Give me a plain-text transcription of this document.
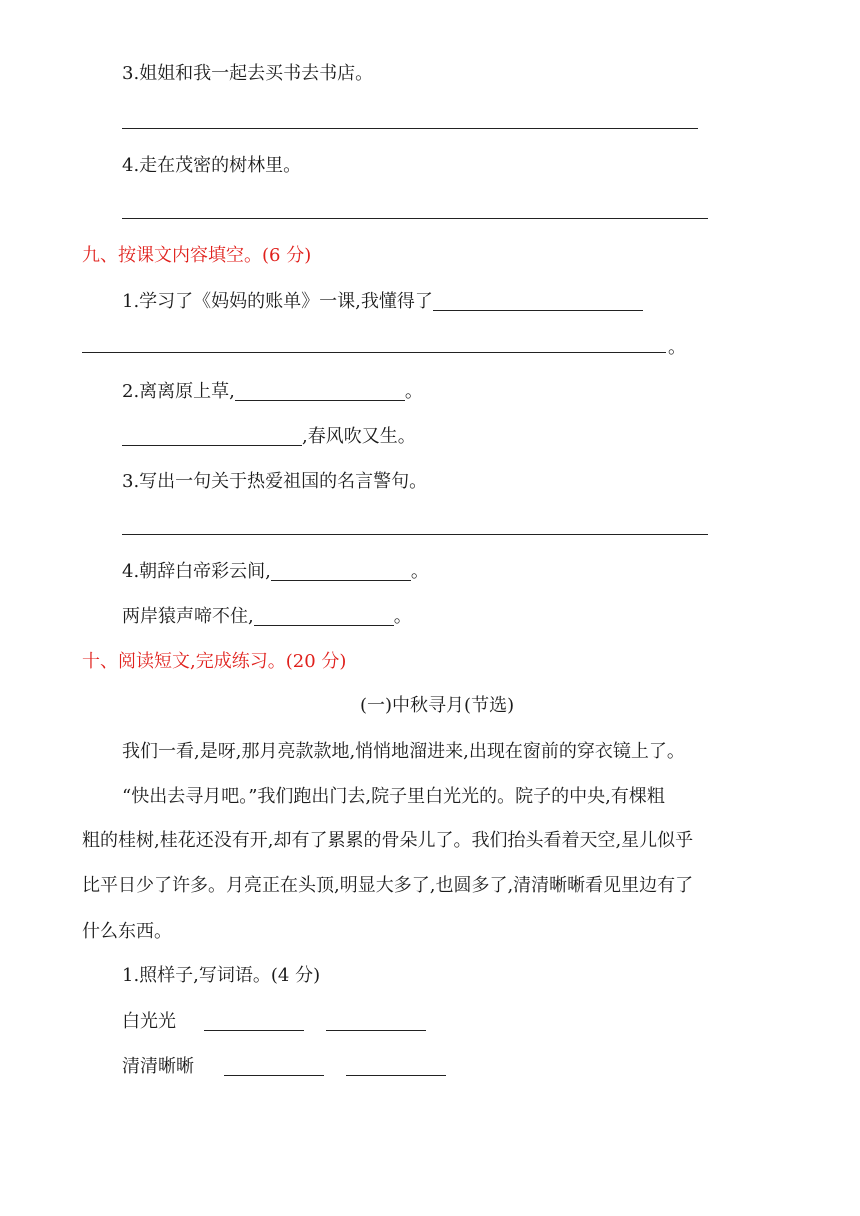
3.姐姐和我一起去买书去书店。
4.走在茂密的树林里。
九、按课文内容填空。(6 分)
1.学习了《妈妈的账单》一课,我懂得了
。
2.离离原上草,	。
,春风吹又生。
3.写出一句关于热爱祖国的名言警句。
4.朝辞白帝彩云间,	。
两岸猿声啼不住,	。
十、阅读短文,完成练习。(20 分)
(一)中秋寻月(节选)
我们一看,是呀,那月亮款款地,悄悄地溜进来,出现在窗前的穿衣镜上了。
“快出去寻月吧。”我们跑出门去,院子里白光光的。院子的中央,有棵粗
粗的桂树,桂花还没有开,却有了累累的骨朵儿了。我们抬头看着天空,星儿似乎
比平日少了许多。月亮正在头顶,明显大多了,也圆多了,清清晰晰看见里边有了
什么东西。
1.照样子,写词语。(4 分)
白光光
清清晰晰
